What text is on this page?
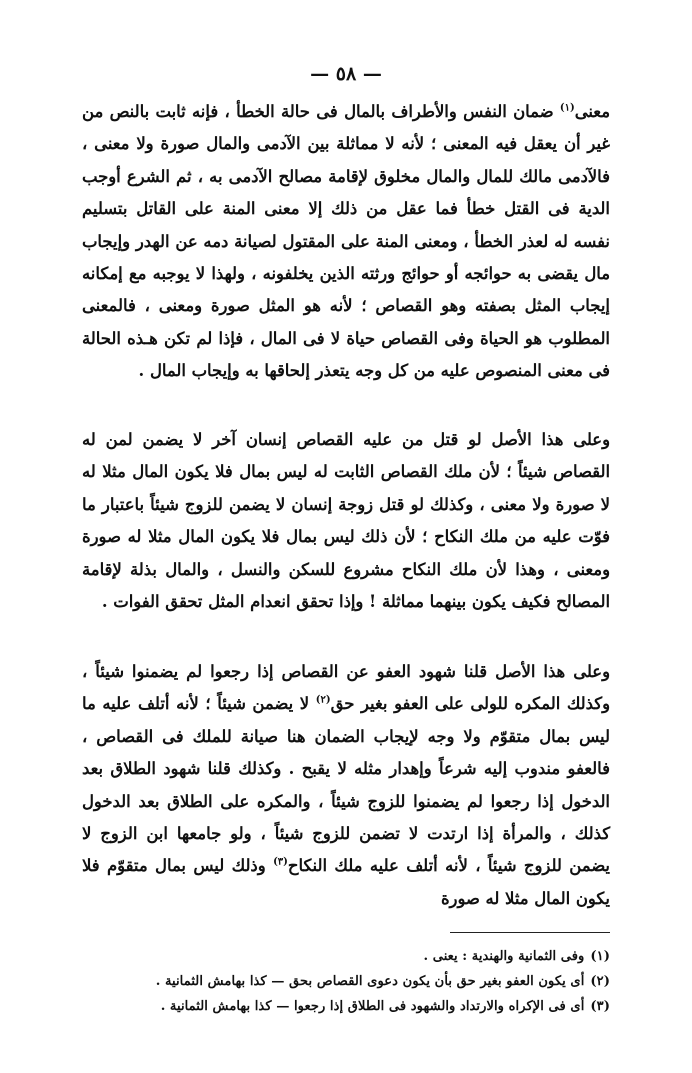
— ٥٨ —

معنى$^{(١)}$ ضمان النفس والأطراف بالمال فى حالة الخطأ ، فإنه ثابت بالنص من غير أن يعقل فيه المعنى ؛ لأنه لا مماثلة بين الآدمى والمال صورة ولا معنى ، فالآدمى مالك للمال والمال مخلوق لإقامة مصالح الآدمى به ، ثم الشرع أوجب الدية فى القتل خطأ فما عقل من ذلك إلا معنى المنة على القاتل بتسليم نفسه له لعذر الخطأ ، ومعنى المنة على المقتول لصيانة دمه عن الهدر وإيجاب مال يقضى به حوائجه أو حوائج ورثته الذين يخلفونه ، ولهذا لا يوجبه مع إمكانه إيجاب المثل بصفته وهو القصاص ؛ لأنه هو المثل صورة ومعنى ، فالمعنى المطلوب هو الحياة وفى القصاص حياة لا فى المال ، فإذا لم تكن هـذه الحالة فى معنى المنصوص عليه من كل وجه يتعذر إلحاقها به وإيجاب المال .

وعلى هذا الأصل لو قتل من عليه القصاص إنسان آخر لا يضمن لمن له القصاص شيئاً ؛ لأن ملك القصاص الثابت له ليس بمال فلا يكون المال مثلا له لا صورة ولا معنى ، وكذلك لو قتل زوجة إنسان لا يضمن للزوج شيئاً باعتبار ما فوّت عليه من ملك النكاح ؛ لأن ذلك ليس بمال فلا يكون المال مثلا له صورة ومعنى ، وهذا لأن ملك النكاح مشروع للسكن والنسل ، والمال بذلة لإقامة المصالح فكيف يكون بينهما مماثلة ! وإذا تحقق انعدام المثل تحقق الفوات .

وعلى هذا الأصل قلنا شهود العفو عن القصاص إذا رجعوا لم يضمنوا شيئاً ، وكذلك المكره للولى على العفو بغير حق$^{(٢)}$ لا يضمن شيئاً ؛ لأنه أتلف عليه ما ليس بمال متقوّم ولا وجه لإيجاب الضمان هنا صيانة للملك فى القصاص ، فالعفو مندوب إليه شرعاً وإهدار مثله لا يقبح . وكذلك قلنا شهود الطلاق بعد الدخول إذا رجعوا لم يضمنوا للزوج شيئاً ، والمكره على الطلاق بعد الدخول كذلك ، والمرأة إذا ارتدت لا تضمن للزوج شيئاً ، ولو جامعها ابن الزوج لا يضمن للزوج شيئاً ، لأنه أتلف عليه ملك النكاح$^{(٣)}$ وذلك ليس بمال متقوّم فلا يكون المال مثلا له صورة

(١)وفى الثمانية والهندية : يعنى .
(٢)أى يكون العفو بغير حق بأن يكون دعوى القصاص بحق — كذا بهامش الثمانية .
(٣)أى فى الإكراه والارتداد والشهود فى الطلاق إذا رجعوا — كذا بهامش الثمانية .
